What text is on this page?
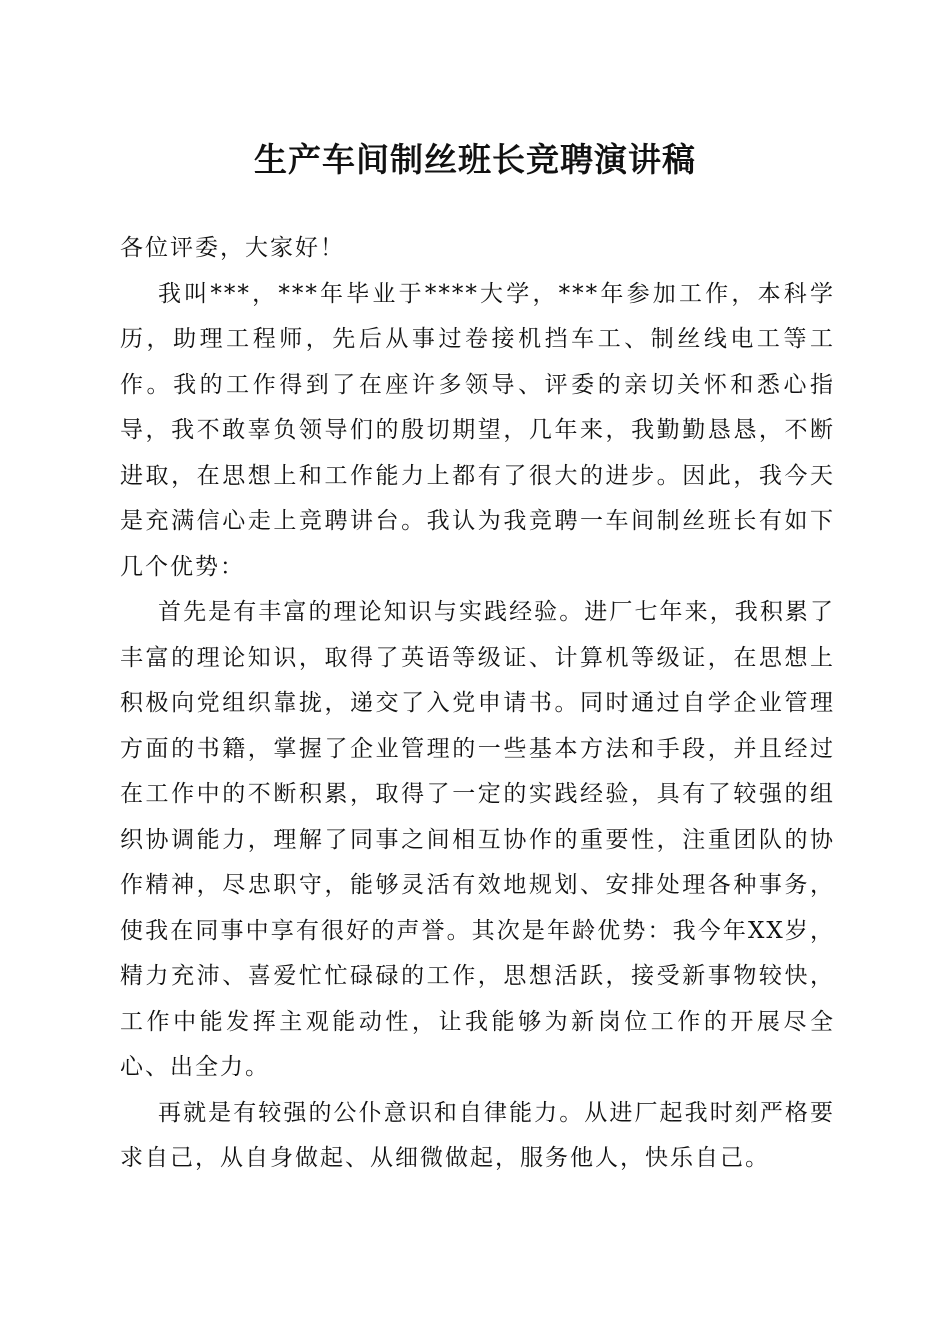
生产车间制丝班长竞聘演讲稿

各位评委，大家好！

我叫***，***年毕业于****大学，***年参加工作，本科学历，助理工程师，先后从事过卷接机挡车工、制丝线电工等工作。我的工作得到了在座许多领导、评委的亲切关怀和悉心指导，我不敢辜负领导们的殷切期望，几年来，我勤勤恳恳，不断进取，在思想上和工作能力上都有了很大的进步。因此，我今天是充满信心走上竞聘讲台。我认为我竞聘一车间制丝班长有如下几个优势：

首先是有丰富的理论知识与实践经验。进厂七年来，我积累了丰富的理论知识，取得了英语等级证、计算机等级证，在思想上积极向党组织靠拢，递交了入党申请书。同时通过自学企业管理方面的书籍，掌握了企业管理的一些基本方法和手段，并且经过在工作中的不断积累，取得了一定的实践经验，具有了较强的组织协调能力，理解了同事之间相互协作的重要性，注重团队的协作精神，尽忠职守，能够灵活有效地规划、安排处理各种事务，使我在同事中享有很好的声誉。其次是年龄优势：我今年XX岁，精力充沛、喜爱忙忙碌碌的工作，思想活跃，接受新事物较快，工作中能发挥主观能动性，让我能够为新岗位工作的开展尽全心、出全力。

再就是有较强的公仆意识和自律能力。从进厂起我时刻严格要求自己，从自身做起、从细微做起，服务他人，快乐自己。
